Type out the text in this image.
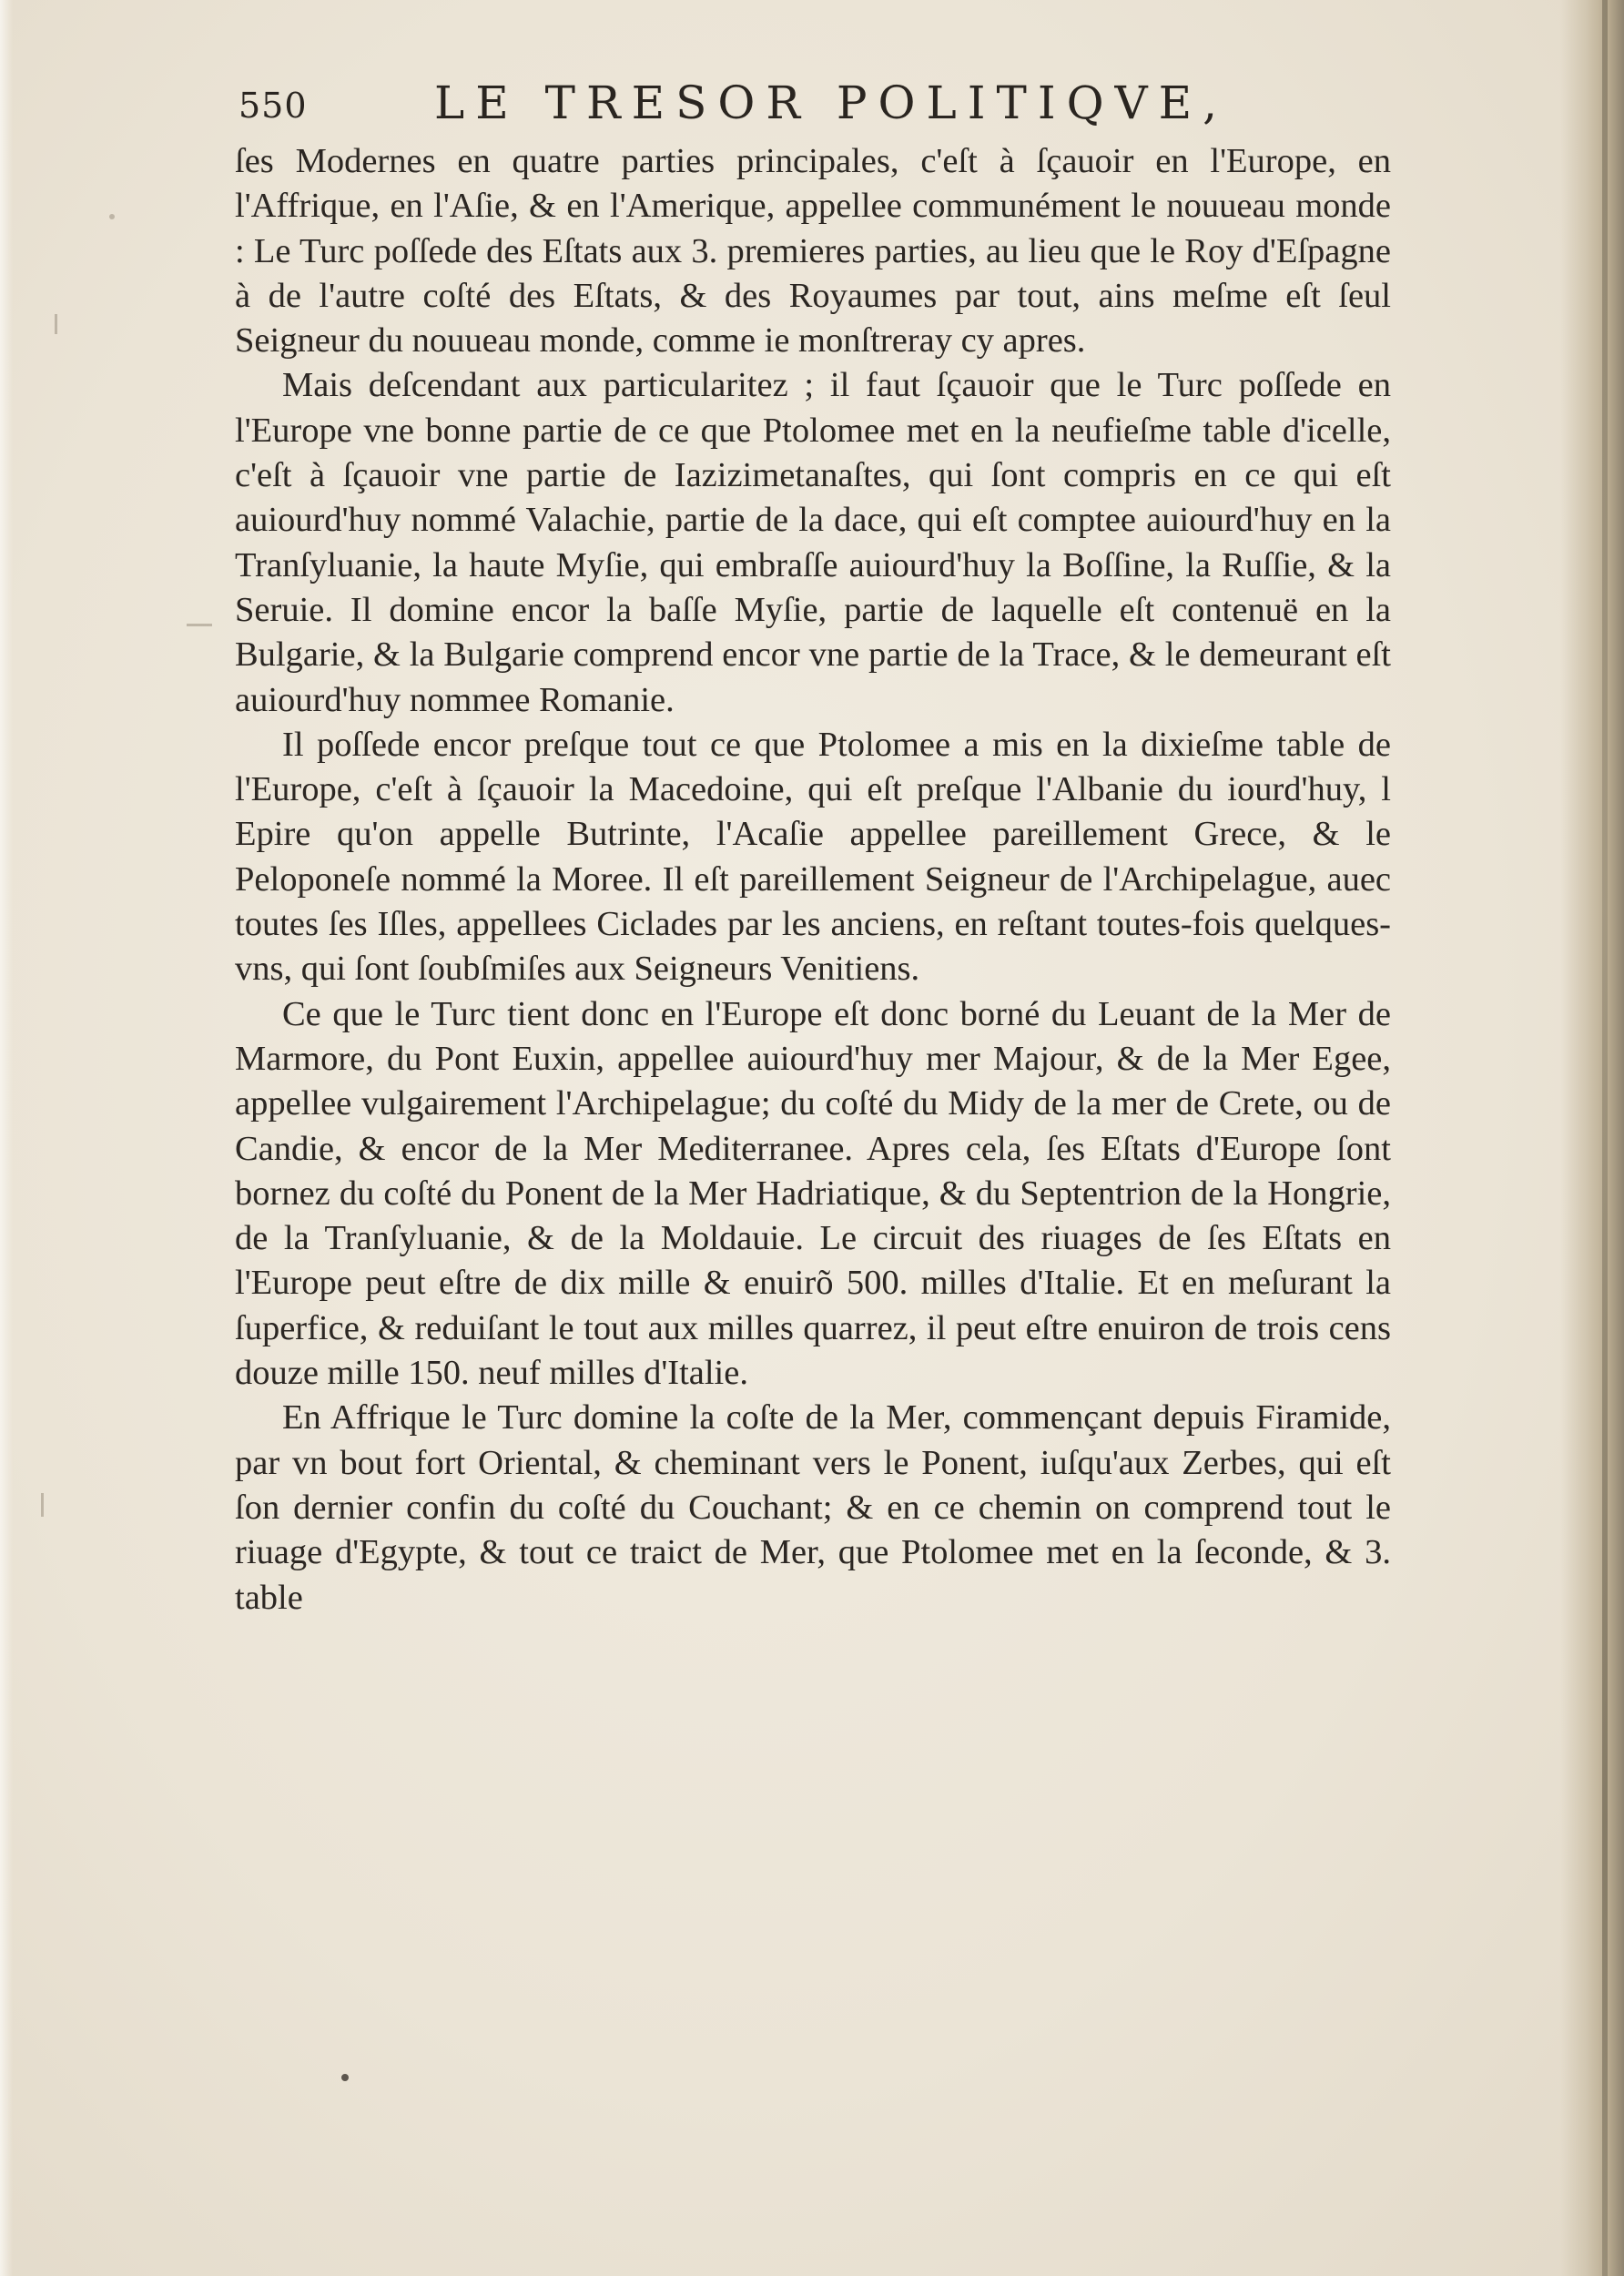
550	LE TRESOR POLITIQVE,

ſes Modernes en quatre parties principales, c'eſt à ſçauoir en l'Europe, en l'Affrique, en l'Aſie, & en l'Amerique, appellee communément le nouueau monde : Le Turc poſſede des Eſtats aux 3. premieres parties, au lieu que le Roy d'Eſpagne à de l'autre coſté des Eſtats, & des Royaumes par tout, ains meſme eſt ſeul Seigneur du nouueau monde, comme ie monſtreray cy apres.

Mais deſcendant aux particularitez ; il faut ſçauoir que le Turc poſſede en l'Europe vne bonne partie de ce que Ptolomee met en la neufieſme table d'icelle, c'eſt à ſçauoir vne partie de Iazizimetanaſtes, qui ſont compris en ce qui eſt auiourd'huy nommé Valachie, partie de la dace, qui eſt comptee auiourd'huy en la Tranſyluanie, la haute Myſie, qui embraſſe auiourd'huy la Boſſine, la Ruſſie, & la Seruie. Il domine encor la baſſe Myſie, partie de laquelle eſt contenuë en la Bulgarie, & la Bulgarie comprend encor vne partie de la Trace, & le demeurant eſt auiourd'huy nommee Romanie.

Il poſſede encor preſque tout ce que Ptolomee a mis en la dixieſme table de l'Europe, c'eſt à ſçauoir la Macedoine, qui eſt preſque l'Albanie du iourd'huy, l Epire qu'on appelle Butrinte, l'Acaſie appellee pareillement Grece, & le Peloponeſe nommé la Moree. Il eſt pareillement Seigneur de l'Archipelague, auec toutes ſes Iſles, appellees Ciclades par les anciens, en reſtant toutes-fois quelques-vns, qui ſont ſoubſmiſes aux Seigneurs Venitiens.

Ce que le Turc tient donc en l'Europe eſt donc borné du Leuant de la Mer de Marmore, du Pont Euxin, appellee auiourd'huy mer Majour, & de la Mer Egee, appellee vulgairement l'Archipelague; du coſté du Midy de la mer de Crete, ou de Candie, & encor de la Mer Mediterranee. Apres cela, ſes Eſtats d'Europe ſont bornez du coſté du Ponent de la Mer Hadriatique, & du Septentrion de la Hongrie, de la Tranſyluanie, & de la Moldauie. Le circuit des riuages de ſes Eſtats en l'Europe peut eſtre de dix mille & enuirõ 500. milles d'Italie. Et en meſurant la ſuperfice, & reduiſant le tout aux milles quarrez, il peut eſtre enuiron de trois cens douze mille 150. neuf milles d'Italie.

En Affrique le Turc domine la coſte de la Mer, commençant depuis Firamide, par vn bout fort Oriental, & cheminant vers le Ponent, iuſqu'aux Zerbes, qui eſt ſon dernier confin du coſté du Couchant; & en ce chemin on comprend tout le riuage d'Egypte, & tout ce traict de Mer, que Ptolomee met en la ſeconde, & 3. table
